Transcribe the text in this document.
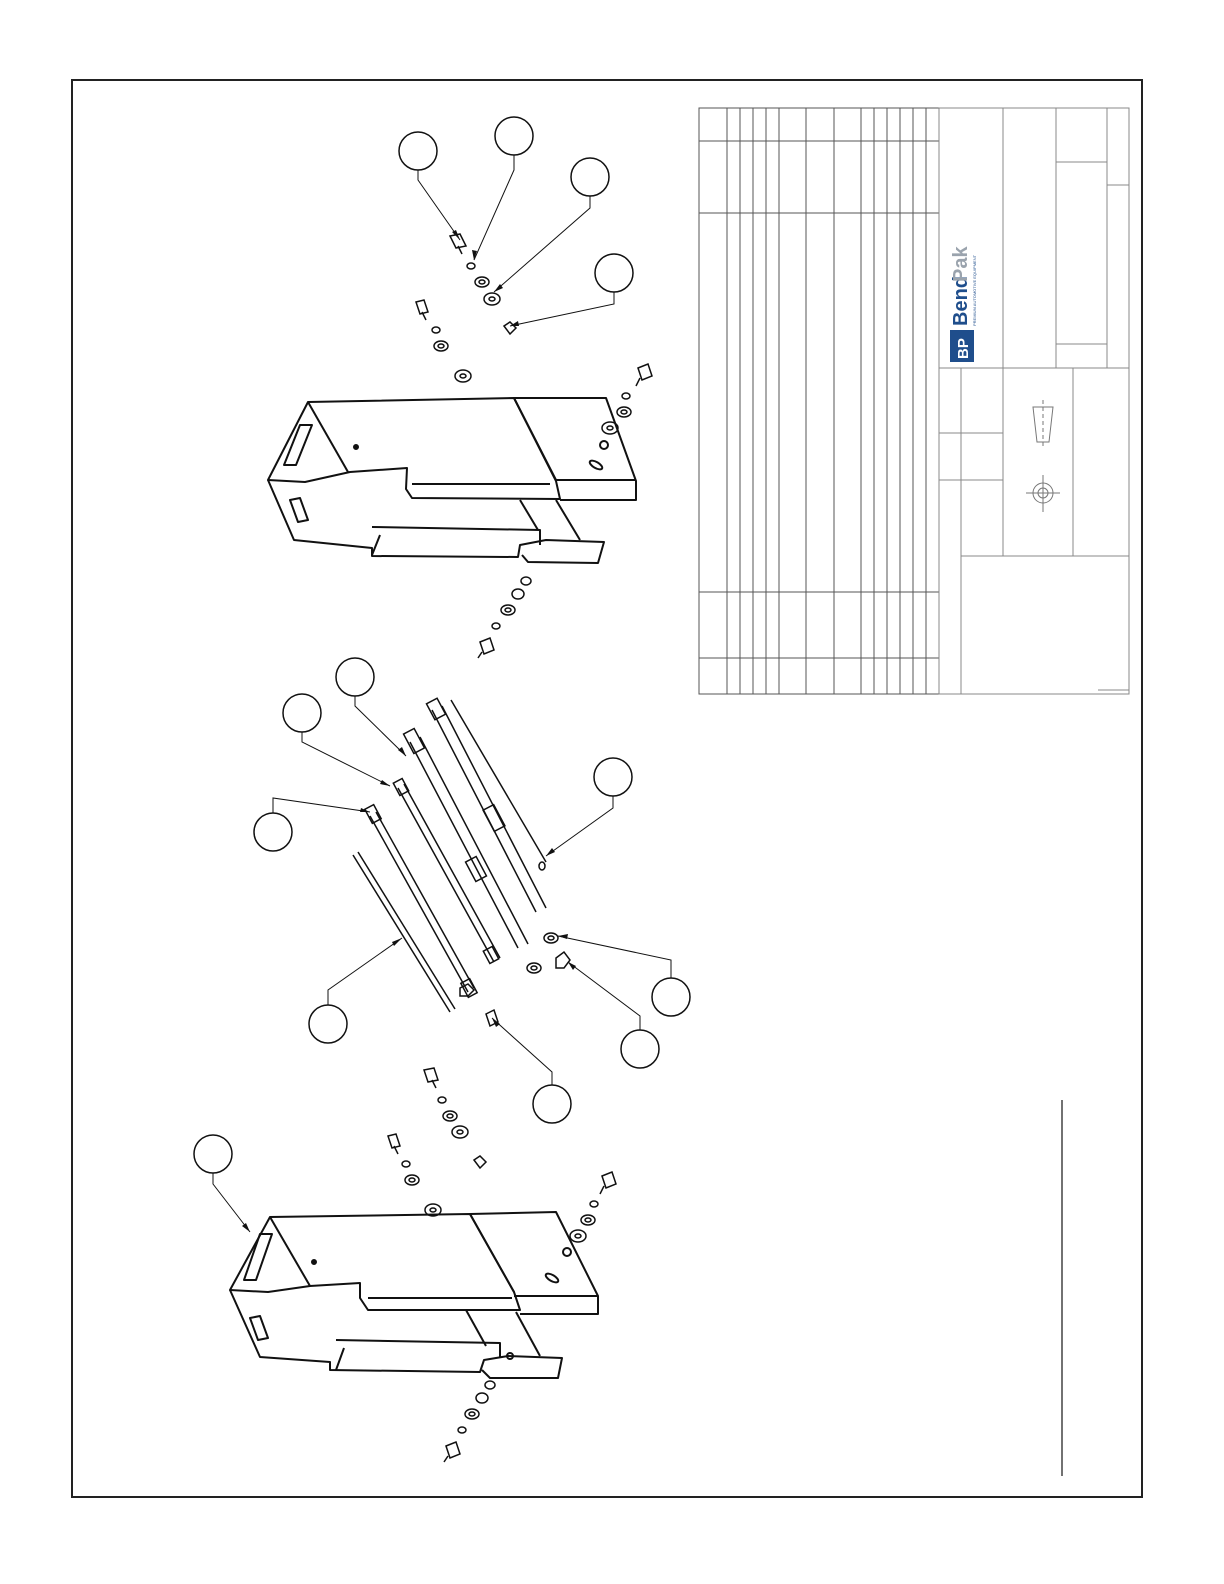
BP
Bend
Pak PREMIUM AUTOMOTIVE EQUIPMENT
